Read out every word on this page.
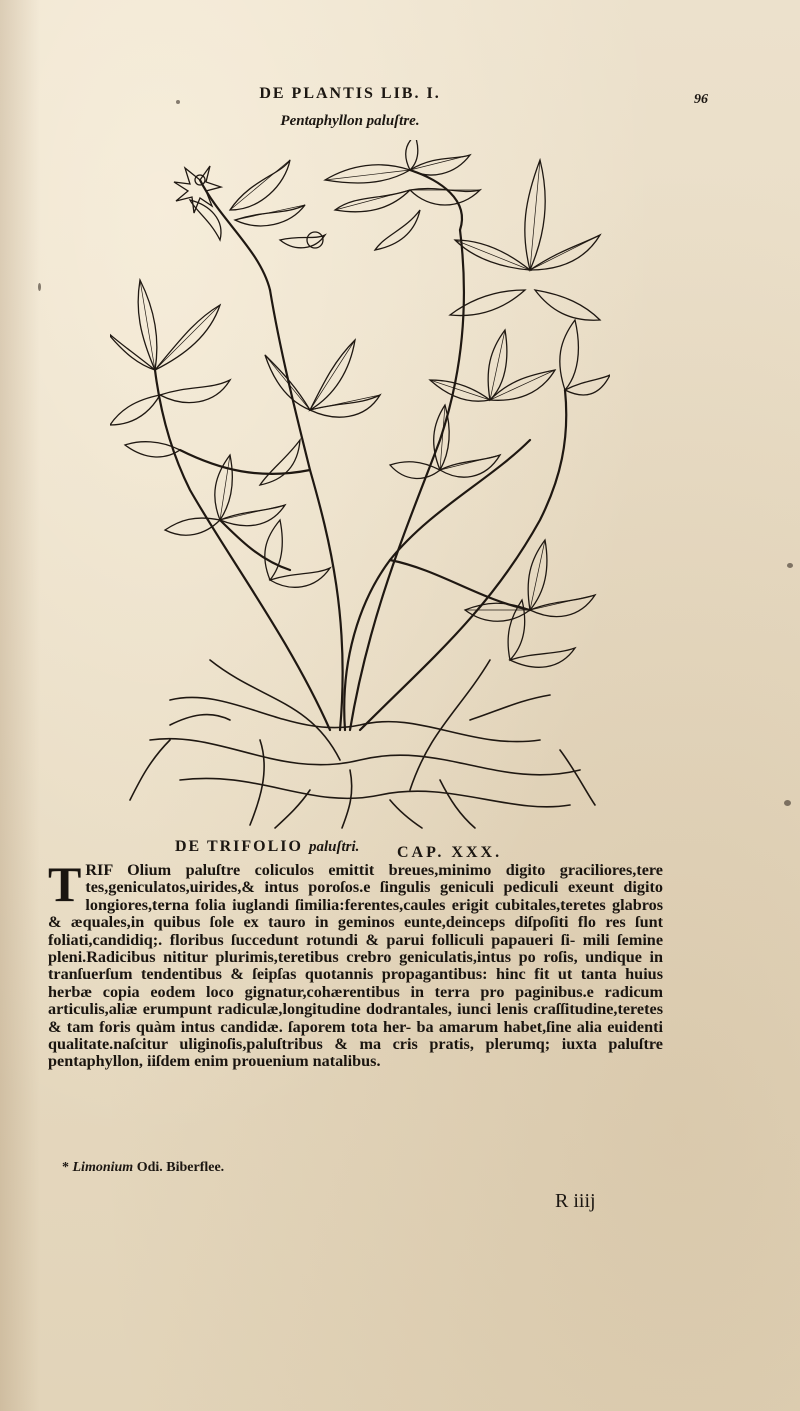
DE PLANTIS LIB. I.	96
Pentaphyllon paluſtre.
DE TRIFOLIO paluſtri. CAP. XXX.
TRIF Olium paluſtre coliculos emittit breues,minimo digito graciliores,tere tes,geniculatos,uirides,& intus poroſos.e ſingulis geniculi pediculi exeunt digito longiores,terna folia iuglandi ſimilia:ferentes,caules erigit cubitales,teretes glabros & æquales,in quibus ſole ex tauro in geminos eunte,deinceps diſpoſiti flo res ſunt foliati,candidiq;. floribus ſuccedunt rotundi & parui folliculi papaueri ſi- mili ſemine pleni.Radicibus nititur plurimis,teretibus crebro geniculatis,intus po roſis, undique in tranſuerſum tendentibus & ſeipſas quotannis propagantibus: hinc fit ut tanta huius herbæ copia eodem loco gignatur,cohærentibus in terra pro paginibus.e radicum articulis,aliæ erumpunt radiculæ,longitudine dodrantales, iunci lenis craſſitudine,teretes & tam foris quàm intus candidæ. ſaporem tota her- ba amarum habet,ſine alia euidenti qualitate.naſcitur uliginoſis,paluſtribus & ma cris pratis, plerumq; iuxta paluſtre pentaphyllon, iiſdem enim prouenium natalibus.
* Limonium Odi. Biberflee.
R iiij
